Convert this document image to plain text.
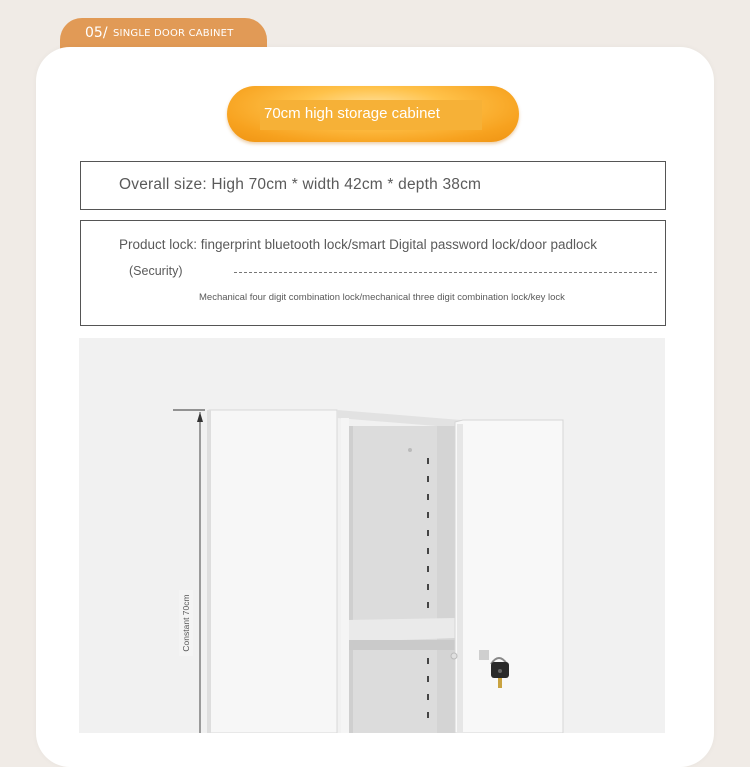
05/ SINGLE DOOR CABINET
70cm high storage cabinet
Overall size: High 70cm * width 42cm * depth 38cm
Product lock: fingerprint bluetooth lock/smart Digital password lock/door padlock
(Security)
Mechanical four digit combination lock/mechanical three digit combination lock/key lock
Constant 70cm
